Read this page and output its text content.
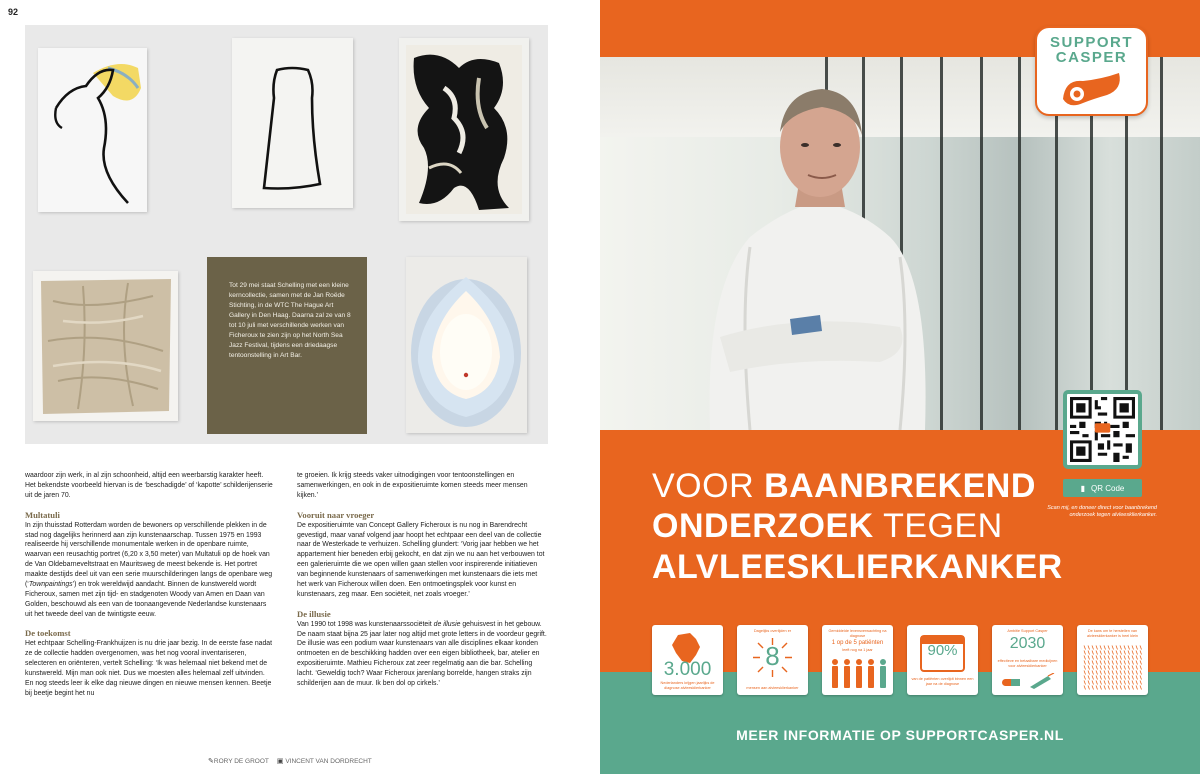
92
Tot 29 mei staat Schelling met een kleine kerncollectie, samen met de Jan Roëde Stichting, in de WTC The Hague Art Gallery in Den Haag. Daarna zal ze van 8 tot 10 juli met verschillende werken van Ficheroux te zien zijn op het North Sea Jazz Festival, tijdens een driedaagse tentoonstelling in Art Bar.

waardoor zijn werk, in al zijn schoonheid, altijd een weerbarstig karakter heeft. Het bekendste voorbeeld hiervan is de ‘beschadigde’ of ‘kapotte’ schilderijenserie uit de jaren 70.

Multatuli

In zijn thuisstad Rotterdam worden de bewoners op verschillende plekken in de stad nog dagelijks herinnerd aan zijn kunstenaarschap. Tussen 1975 en 1993 realiseerde hij verschillende monumentale werken in de openbare ruimte, waarvan een reusachtig portret (6,20 x 3,50 meter) van Multatuli op de hoek van de Van Oldebarneveltstraat en Mauritsweg de meest bekende is. Het portret maakte destijds deel uit van een serie muurschilderingen langs de openbare weg (‘Townpaintings’) en trok wereldwijd aandacht. Binnen de kunstwereld wordt Ficheroux, samen met zijn tijd- en stadgenoten Woody van Amen en Daan van Golden, beschouwd als een van de toonaangevende Nederlandse kunstenaars uit het tweede deel van de twintigste eeuw.

De toekomst

Het echtpaar Schelling-Frankhuijzen is nu drie jaar bezig. In de eerste fase nadat ze de collectie hadden overgenomen, was het nog vooral inventariseren, selecteren en oriënteren, vertelt Schelling: ‘Ik was helemaal niet bekend met de kunstwereld. Mijn man ook niet. Dus we moesten alles helemaal zelf uitvinden. En nog steeds leer ik elke dag nieuwe dingen en nieuwe mensen kennen. Beetje bij beetje begint het nu

te groeien. Ik krijg steeds vaker uitnodigingen voor tentoonstellingen en samenwerkingen, en ook in de expositieruimte komen steeds meer mensen kijken.’

Vooruit naar vroeger

De expositieruimte van Concept Gallery Ficheroux is nu nog in Barendrecht gevestigd, maar vanaf volgend jaar hoopt het echtpaar een deel van de collectie naar de Westerkade te verhuizen. Schelling glundert: ‘Vorig jaar hebben we het appartement hier beneden erbij gekocht, en dat zijn we nu aan het verbouwen tot een galerieruimte die we open willen gaan stellen voor inspirerende initiatieven van beginnende kunstenaars of samenwerkingen met kunstenaars die iets met het werk van Ficheroux willen doen. Een ontmoetingsplek voor kunst en kunstenaars, zeg maar. Een sociëteit, net zoals vroeger.’

De illusie

Van 1990 tot 1998 was kunstenaarssociëteit de illusie gehuisvest in het gebouw. De naam staat bijna 25 jaar later nog altijd met grote letters in de voordeur gegrift. De illusie was een podium waar kunstenaars van alle disciplines elkaar konden ontmoeten en de beschikking hadden over een eigen bibliotheek, bar, atelier en expositieruimte. Mathieu Ficheroux zat zeer regelmatig aan die bar. Schelling lacht. ‘Geweldig toch? Waar Ficheroux jarenlang borrelde, hangen straks zijn schilderijen aan de muur. Ik ben dol op cirkels.’

✎RORY DE GROOT ▣ VINCENT VAN DORDRECHT
SUPPORT
CASPER
▮ QR Code
Scan mij, en doneer direct voor baanbrekend onderzoek tegen alvleesklierkanker.
VOOR BAANBREKEND
ONDERZOEK TEGEN
ALVLEESKLIERKANKER
3.000
Nederlanders krijgen jaarlijks de diagnose alvleesklierkanker
Dagelijks overlijden er
8
mensen aan alvleesklierkanker
Gemiddelde levensverwachting na diagnose
1 op de 5 patiënten
leeft nog na 1 jaar	90%
van de patiënten overlijdt binnen een jaar na de diagnose
Ambitie Support Casper
2030
effectieve en betaalbare medicijnen voor alvleesklierkanker
De kans om te herstellen van alvleesklierkanker is heel klein
MEER INFORMATIE OP SUPPORTCASPER.NL
